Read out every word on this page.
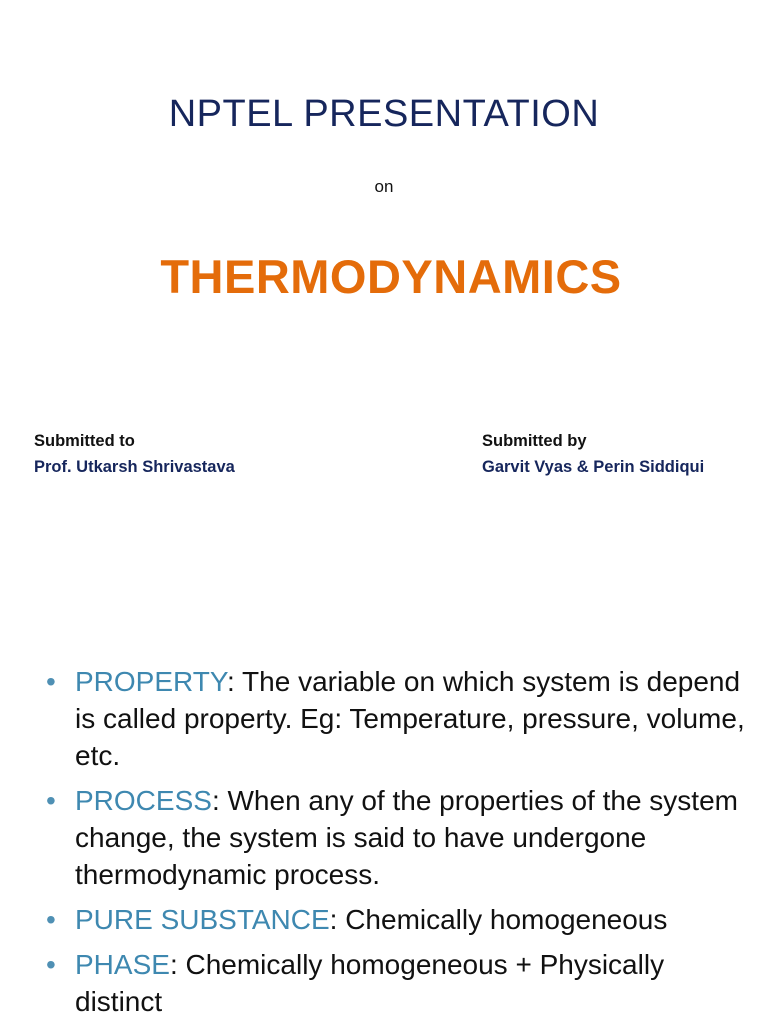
NPTEL PRESENTATION
on
THERMODYNAMICS
Submitted to
Prof. Utkarsh Shrivastava
Submitted by
Garvit Vyas & Perin Siddiqui
• PROPERTY: The variable on which system is depend is called property. Eg: Temperature, pressure, volume, etc.
• PROCESS: When any of the properties of the system change, the system is said to have undergone thermodynamic process.
• PURE SUBSTANCE: Chemically homogeneous
• PHASE: Chemically homogeneous + Physically distinct
